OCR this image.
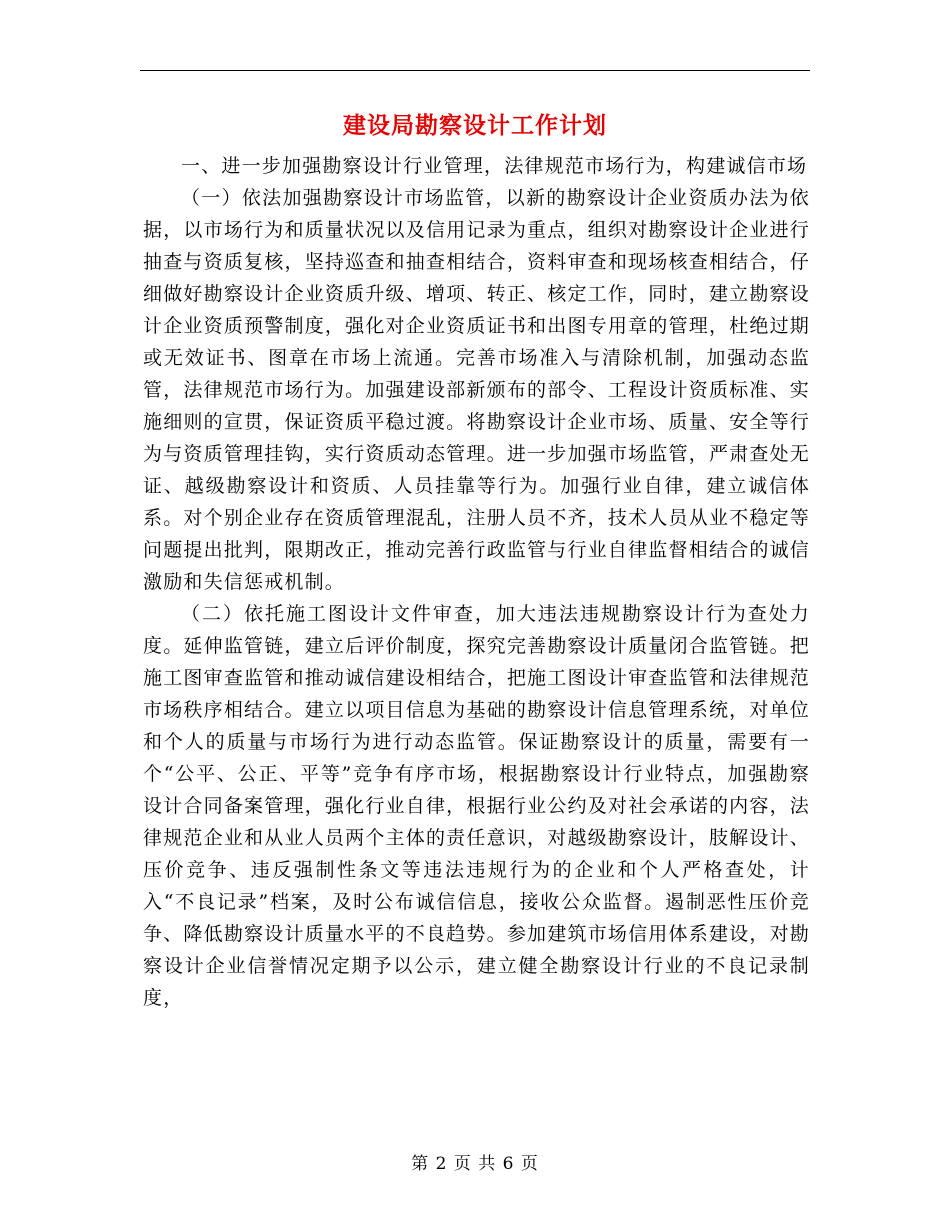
建设局勘察设计工作计划

一、进一步加强勘察设计行业管理，法律规范市场行为，构建诚信市场

（一）依法加强勘察设计市场监管，以新的勘察设计企业资质办法为依据，以市场行为和质量状况以及信用记录为重点，组织对勘察设计企业进行抽查与资质复核，坚持巡查和抽查相结合，资料审查和现场核查相结合，仔细做好勘察设计企业资质升级、增项、转正、核定工作，同时，建立勘察设计企业资质预警制度，强化对企业资质证书和出图专用章的管理，杜绝过期或无效证书、图章在市场上流通。完善市场准入与清除机制，加强动态监管，法律规范市场行为。加强建设部新颁布的部令、工程设计资质标准、实施细则的宣贯，保证资质平稳过渡。将勘察设计企业市场、质量、安全等行为与资质管理挂钩，实行资质动态管理。进一步加强市场监管，严肃查处无证、越级勘察设计和资质、人员挂靠等行为。加强行业自律，建立诚信体系。对个别企业存在资质管理混乱，注册人员不齐，技术人员从业不稳定等问题提出批判，限期改正，推动完善行政监管与行业自律监督相结合的诚信激励和失信惩戒机制。

（二）依托施工图设计文件审查，加大违法违规勘察设计行为查处力度。延伸监管链，建立后评价制度，探究完善勘察设计质量闭合监管链。把施工图审查监管和推动诚信建设相结合，把施工图设计审查监管和法律规范市场秩序相结合。建立以项目信息为基础的勘察设计信息管理系统，对单位和个人的质量与市场行为进行动态监管。保证勘察设计的质量，需要有一个“公平、公正、平等”竞争有序市场，根据勘察设计行业特点，加强勘察设计合同备案管理，强化行业自律，根据行业公约及对社会承诺的内容，法律规范企业和从业人员两个主体的责任意识，对越级勘察设计，肢解设计、压价竞争、违反强制性条文等违法违规行为的企业和个人严格查处，计入“不良记录”档案，及时公布诚信信息，接收公众监督。遏制恶性压价竞争、降低勘察设计质量水平的不良趋势。参加建筑市场信用体系建设，对勘察设计企业信誉情况定期予以公示，建立健全勘察设计行业的不良记录制度，

第 2 页 共 6 页
